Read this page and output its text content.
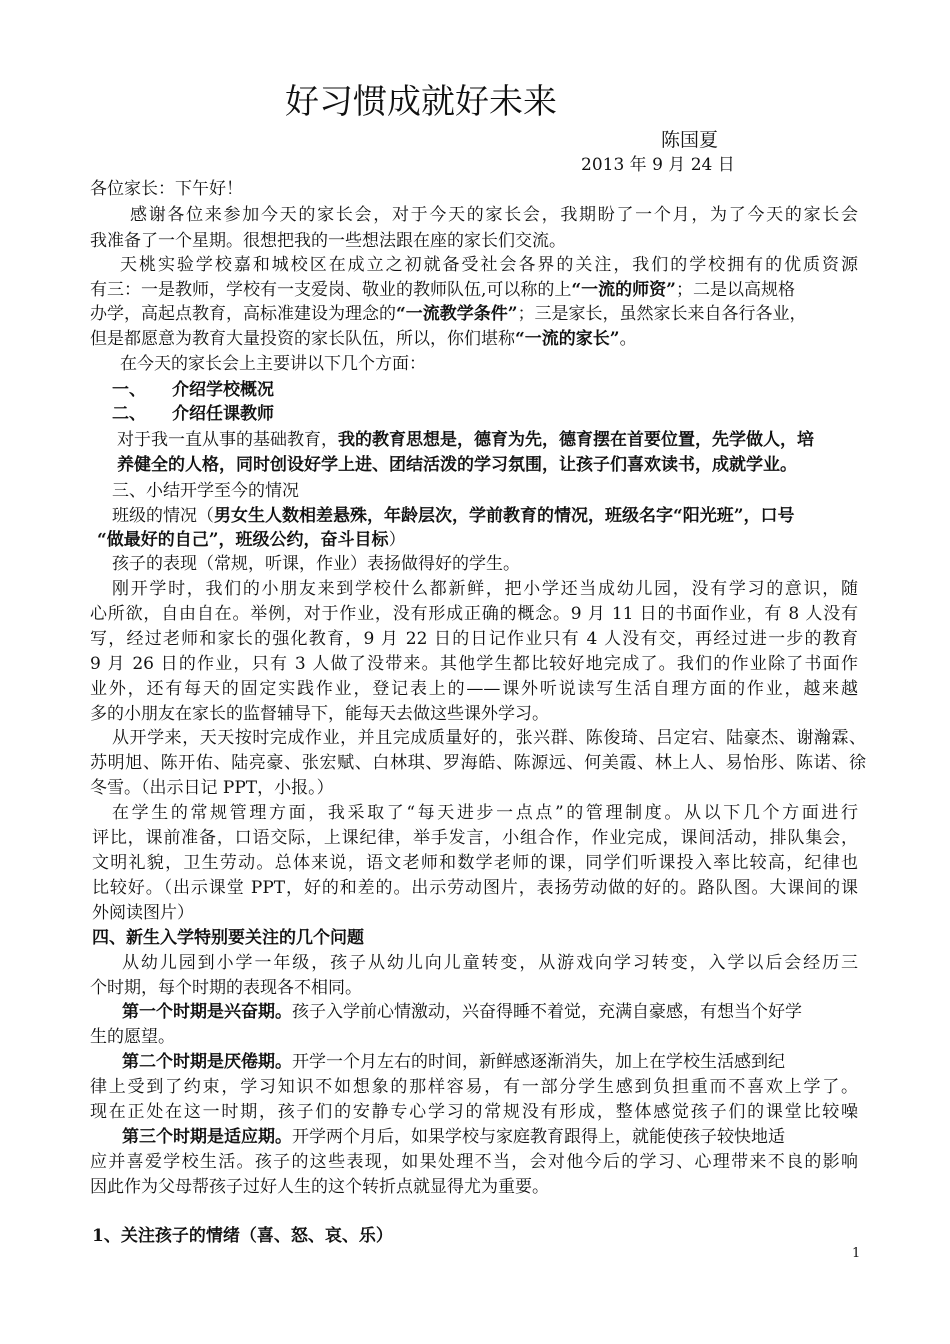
好习惯成就好未来
陈国夏
2013 年 9 月 24 日
各位家长：下午好！
感谢各位来参加今天的家长会，对于今天的家长会，我期盼了一个月，为了今天的家长会
我准备了一个星期。很想把我的一些想法跟在座的家长们交流。
天桃实验学校嘉和城校区在成立之初就备受社会各界的关注，我们的学校拥有的优质资源
有三：一是教师，学校有一支爱岗、敬业的教师队伍,可以称的上“一流的师资”；二是以高规格
办学，高起点教育，高标准建设为理念的“一流教学条件”；三是家长，虽然家长来自各行各业，
但是都愿意为教育大量投资的家长队伍，所以，你们堪称“一流的家长”。
在今天的家长会上主要讲以下几个方面：
一、 介绍学校概况
二、 介绍任课教师
对于我一直从事的基础教育，我的教育思想是，德育为先，德育摆在首要位置，先学做人，培
养健全的人格，同时创设好学上进、团结活泼的学习氛围，让孩子们喜欢读书，成就学业。
三、小结开学至今的情况
班级的情况（男女生人数相差悬殊，年龄层次，学前教育的情况，班级名字“阳光班”，口号
“做最好的自己”，班级公约，奋斗目标）
孩子的表现（常规，听课，作业）表扬做得好的学生。
刚开学时，我们的小朋友来到学校什么都新鲜，把小学还当成幼儿园，没有学习的意识，随
心所欲，自由自在。举例，对于作业，没有形成正确的概念。9 月 11 日的书面作业，有 8 人没有
写，经过老师和家长的强化教育，9 月 22 日的日记作业只有 4 人没有交，再经过进一步的教育
9 月 26 日的作业，只有 3 人做了没带来。其他学生都比较好地完成了。我们的作业除了书面作
业外，还有每天的固定实践作业，登记表上的——课外听说读写生活自理方面的作业，越来越
多的小朋友在家长的监督辅导下，能每天去做这些课外学习。
从开学来，天天按时完成作业，并且完成质量好的，张兴群、陈俊琦、吕定宕、陆豪杰、谢瀚霖、
苏明旭、陈开佑、陆亮豪、张宏赋、白林琪、罗海皓、陈源远、何美霞、林上人、易怡彤、陈诺、徐
冬雪。（出示日记 PPT，小报。）
在学生的常规管理方面，我采取了“每天进步一点点”的管理制度。从以下几个方面进行
评比，课前准备，口语交际，上课纪律，举手发言，小组合作，作业完成，课间活动，排队集会，
文明礼貌，卫生劳动。总体来说，语文老师和数学老师的课，同学们听课投入率比较高，纪律也
比较好。（出示课堂 PPT，好的和差的。出示劳动图片，表扬劳动做的好的。路队图。大课间的课
外阅读图片）
四、新生入学特别要关注的几个问题
从幼儿园到小学一年级，孩子从幼儿向儿童转变，从游戏向学习转变，入学以后会经历三
个时期，每个时期的表现各不相同。
第一个时期是兴奋期。孩子入学前心情激动，兴奋得睡不着觉，充满自豪感，有想当个好学
生的愿望。
第二个时期是厌倦期。开学一个月左右的时间，新鲜感逐渐消失，加上在学校生活感到纪
律上受到了约束，学习知识不如想象的那样容易，有一部分学生感到负担重而不喜欢上学了。
现在正处在这一时期，孩子们的安静专心学习的常规没有形成，整体感觉孩子们的课堂比较噪
第三个时期是适应期。开学两个月后，如果学校与家庭教育跟得上，就能使孩子较快地适
应并喜爱学校生活。孩子的这些表现，如果处理不当，会对他今后的学习、心理带来不良的影响
因此作为父母帮孩子过好人生的这个转折点就显得尤为重要。
1、关注孩子的情绪（喜、怒、哀、乐）
1
